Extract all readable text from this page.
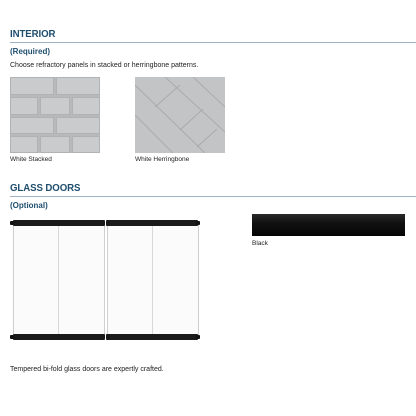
INTERIOR
(Required)
Choose refractory panels in stacked or herringbone patterns.
White Stacked	White Herringbone
GLASS DOORS
(Optional)
Black
Tempered bi-fold glass doors are expertly crafted.
